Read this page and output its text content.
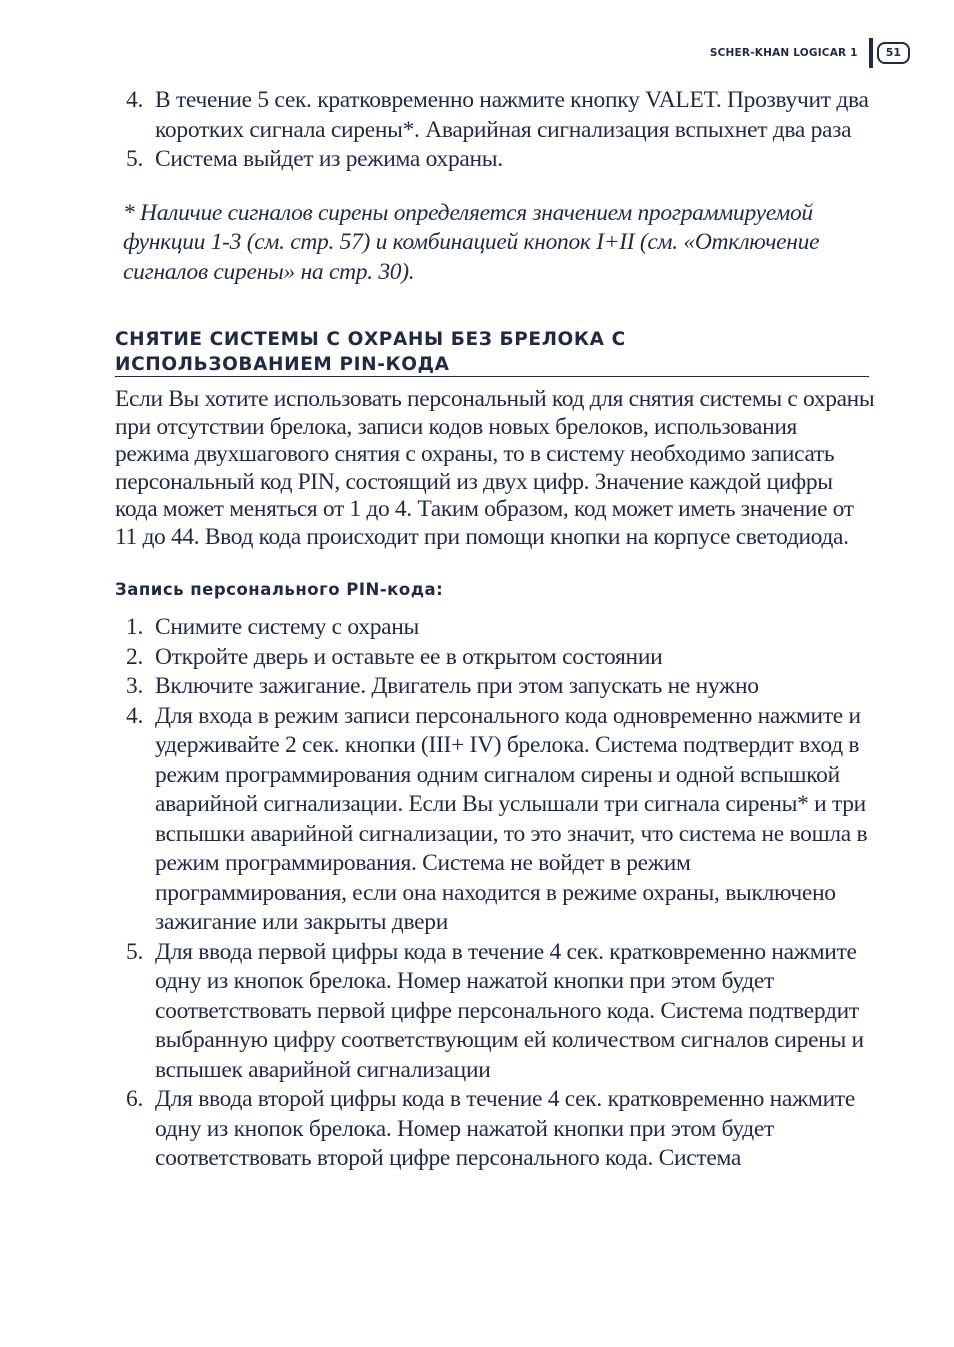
SCHER-KHAN LOGICAR 1	51
4. В течение 5 сек. кратковременно нажмите кнопку VALET. Прозвучит два коротких сигнала сирены*. Аварийная сигнализация вспыхнет два раза
5. Система выйдет из режима охраны.
* Наличие сигналов сирены определяется значением программируемой функции 1-3 (см. стр. 57) и комбинацией кнопок I+II (см. «Отключение сигналов сирены» на стр. 30).
СНЯТИЕ СИСТЕМЫ С ОХРАНЫ БЕЗ БРЕЛОКА С
ИСПОЛЬЗОВАНИЕМ PIN-КОДА
Если Вы хотите использовать персональный код для снятия системы с охраны при отсутствии брелока, записи кодов новых брелоков, использования режима двухшагового снятия с охраны, то в систему необходимо записать персональный код PIN, состоящий из двух цифр. Значение каждой цифры кода может меняться от 1 до 4. Таким образом, код может иметь значение от 11 до 44. Ввод кода происходит при помощи кнопки на корпусе светодиода.
Запись персонального PIN-кода:
1. Снимите систему с охраны
2. Откройте дверь и оставьте ее в открытом состоянии
3. Включите зажигание. Двигатель при этом запускать не нужно
4. Для входа в режим записи персонального кода одновременно нажмите и удерживайте 2 сек. кнопки (III+ IV) брелока. Система подтвердит вход в режим программирования одним сигналом сирены и одной вспышкой аварийной сигнализации. Если Вы услышали три сигнала сирены* и три вспышки аварийной сигнализации, то это значит, что система не вошла в режим программирования. Система не войдет в режим программирования, если она находится в режиме охраны, выключено зажигание или закрыты двери
5. Для ввода первой цифры кода в течение 4 сек. кратковременно нажмите одну из кнопок брелока. Номер нажатой кнопки при этом будет соответствовать первой цифре персонального кода. Система подтвердит выбранную цифру соответствующим ей количеством сигналов сирены и вспышек аварийной сигнализации
6. Для ввода второй цифры кода в течение 4 сек. кратковременно нажмите одну из кнопок брелока. Номер нажатой кнопки при этом будет соответствовать второй цифре персонального кода. Система
